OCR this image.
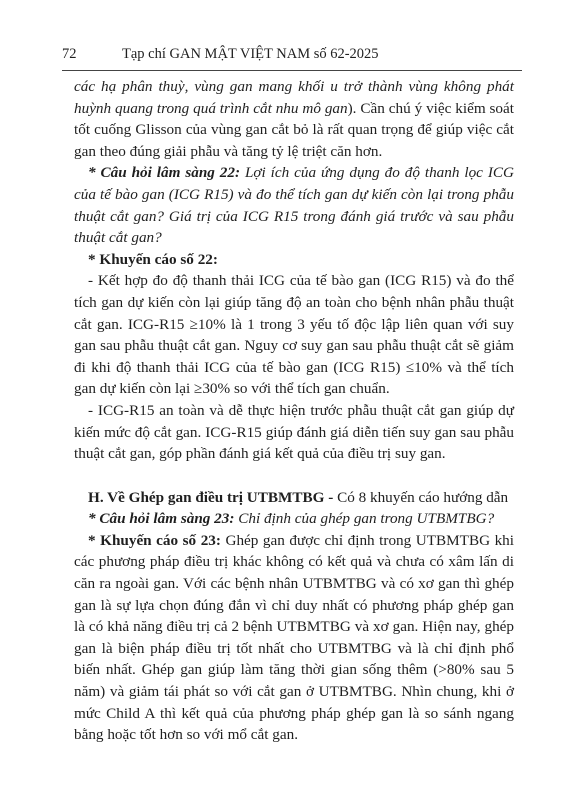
72	Tạp chí GAN MẬT VIỆT NAM số 62-2025

các hạ phân thuỳ, vùng gan mang khối u trở thành vùng không phát huỳnh quang trong quá trình cắt nhu mô gan). Cần chú ý việc kiểm soát tốt cuống Glisson của vùng gan cắt bỏ là rất quan trọng để giúp việc cắt gan theo đúng giải phẫu và tăng tỷ lệ triệt căn hơn.

* Câu hỏi lâm sàng 22: Lợi ích của ứng dụng đo độ thanh lọc ICG của tế bào gan (ICG R15) và đo thể tích gan dự kiến còn lại trong phẫu thuật cắt gan? Giá trị của ICG R15 trong đánh giá trước và sau phẫu thuật cắt gan?

* Khuyến cáo số 22:

- Kết hợp đo độ thanh thải ICG của tế bào gan (ICG R15) và đo thể tích gan dự kiến còn lại giúp tăng độ an toàn cho bệnh nhân phẫu thuật cắt gan. ICG-R15 ≥10% là 1 trong 3 yếu tố độc lập liên quan với suy gan sau phẫu thuật cắt gan. Nguy cơ suy gan sau phẫu thuật cắt sẽ giảm đi khi độ thanh thải ICG của tế bào gan (ICG R15) ≤10% và thể tích gan dự kiến còn lại ≥30% so với thể tích gan chuẩn.

- ICG-R15 an toàn và dễ thực hiện trước phẫu thuật cắt gan giúp dự kiến mức độ cắt gan. ICG-R15 giúp đánh giá diễn tiến suy gan sau phẫu thuật cắt gan, góp phần đánh giá kết quả của điều trị suy gan.

H. Về Ghép gan điều trị UTBMTBG - Có 8 khuyến cáo hướng dẫn

* Câu hỏi lâm sàng 23: Chỉ định của ghép gan trong UTBMTBG?

* Khuyến cáo số 23: Ghép gan được chỉ định trong UTBMTBG khi các phương pháp điều trị khác không có kết quả và chưa có xâm lấn di căn ra ngoài gan. Với các bệnh nhân UTBMTBG và có xơ gan thì ghép gan là sự lựa chọn đúng đắn vì chỉ duy nhất có phương pháp ghép gan là có khả năng điều trị cả 2 bệnh UTBMTBG và xơ gan. Hiện nay, ghép gan là biện pháp điều trị tốt nhất cho UTBMTBG và là chỉ định phổ biến nhất. Ghép gan giúp làm tăng thời gian sống thêm (>80% sau 5 năm) và giảm tái phát so với cắt gan ở UTBMTBG. Nhìn chung, khi ở mức Child A thì kết quả của phương pháp ghép gan là so sánh ngang bằng hoặc tốt hơn so với mổ cắt gan.
